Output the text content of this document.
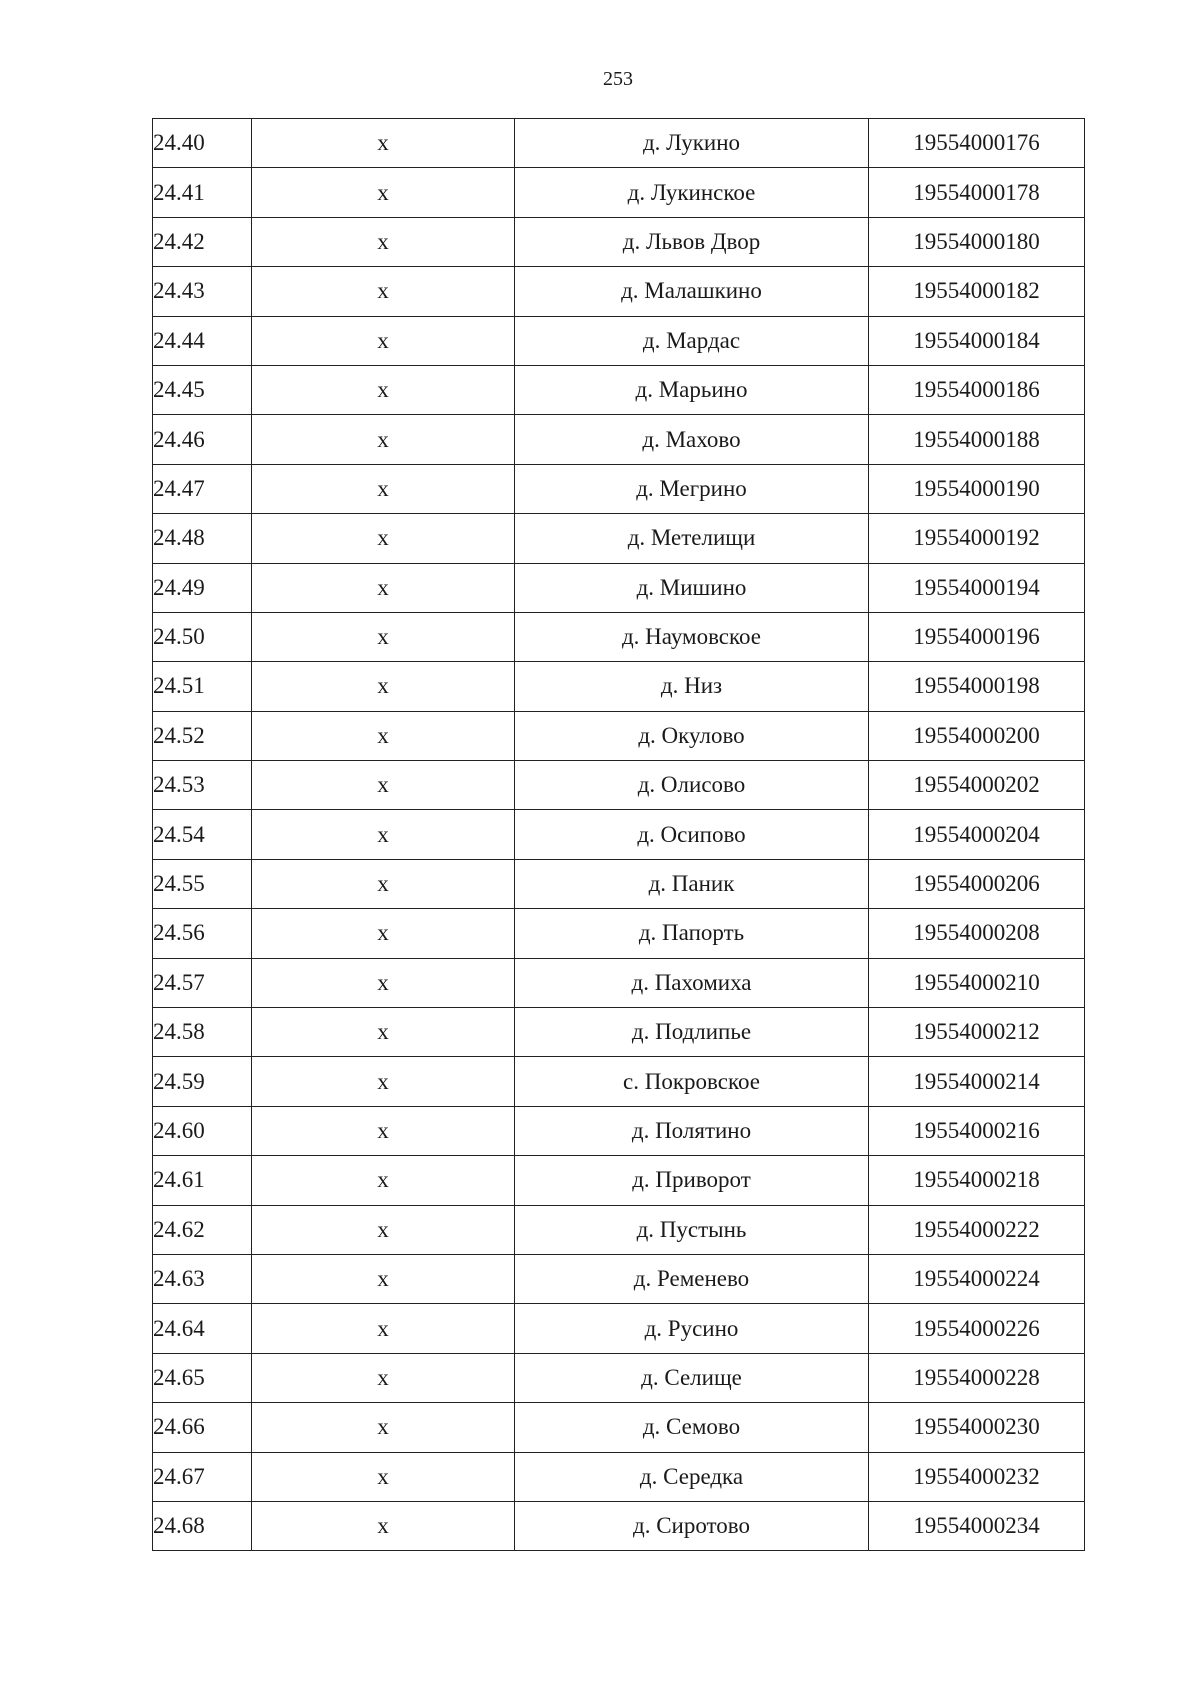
253
24.40	х	д. Лукино	19554000176
24.41	х	д. Лукинское	19554000178
24.42	х	д. Львов Двор	19554000180
24.43	х	д. Малашкино	19554000182
24.44	х	д. Мардас	19554000184
24.45	х	д. Марьино	19554000186
24.46	х	д. Махово	19554000188
24.47	х	д. Мегрино	19554000190
24.48	х	д. Метелищи	19554000192
24.49	х	д. Мишино	19554000194
24.50	х	д. Наумовское	19554000196
24.51	х	д. Низ	19554000198
24.52	х	д. Окулово	19554000200
24.53	х	д. Олисово	19554000202
24.54	х	д. Осипово	19554000204
24.55	х	д. Паник	19554000206
24.56	х	д. Папорть	19554000208
24.57	х	д. Пахомиха	19554000210
24.58	х	д. Подлипье	19554000212
24.59	х	с. Покровское	19554000214
24.60	х	д. Полятино	19554000216
24.61	х	д. Приворот	19554000218
24.62	х	д. Пустынь	19554000222
24.63	х	д. Ременево	19554000224
24.64	х	д. Русино	19554000226
24.65	х	д. Селище	19554000228
24.66	х	д. Семово	19554000230
24.67	х	д. Середка	19554000232
24.68	х	д. Сиротово	19554000234
